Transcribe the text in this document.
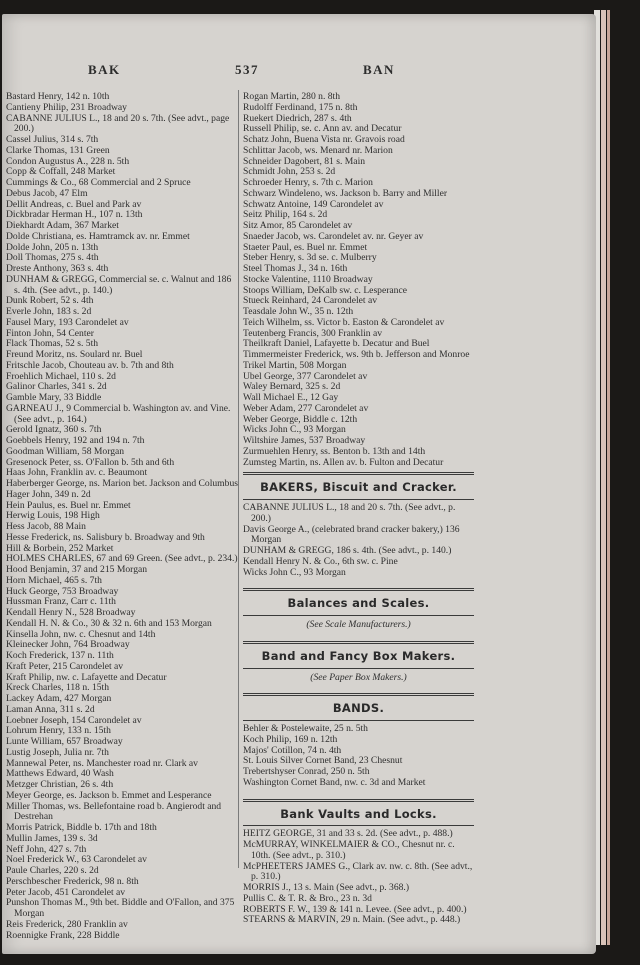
BAK	537	BAN
Bastard Henry, 142 n. 10th
Cantieny Philip, 231 Broadway
CABANNE JULIUS L., 18 and 20 s. 7th. (See advt., page 200.)
Cassel Julius, 314 s. 7th
Clarke Thomas, 131 Green
Condon Augustus A., 228 n. 5th
Copp & Coffall, 248 Market
Cummings & Co., 68 Commercial and 2 Spruce
Debus Jacob, 47 Elm
Dellit Andreas, c. Buel and Park av
Dickbradar Herman H., 107 n. 13th
Diekhardt Adam, 367 Market
Dolde Christiana, es. Hamtramck av. nr. Emmet
Dolde John, 205 n. 13th
Doll Thomas, 275 s. 4th
Dreste Anthony, 363 s. 4th
DUNHAM & GREGG, Commercial se. c. Walnut and 186 s. 4th. (See advt., p. 140.)
Dunk Robert, 52 s. 4th
Everle John, 183 s. 2d
Fausel Mary, 193 Carondelet av
Finton John, 54 Center
Flack Thomas, 52 s. 5th
Freund Moritz, ns. Soulard nr. Buel
Fritschle Jacob, Chouteau av. b. 7th and 8th
Froehlich Michael, 110 s. 2d
Galinor Charles, 341 s. 2d
Gamble Mary, 33 Biddle
GARNEAU J., 9 Commercial b. Washington av. and Vine. (See advt., p. 164.)
Gerold Ignatz, 360 s. 7th
Goebbels Henry, 192 and 194 n. 7th
Goodman William, 58 Morgan
Gresenock Peter, ss. O'Fallon b. 5th and 6th
Haas John, Franklin av. c. Beaumont
Haberberger George, ns. Marion bet. Jackson and Columbus
Hager John, 349 n. 2d
Hein Paulus, es. Buel nr. Emmet
Herwig Louis, 198 High
Hess Jacob, 88 Main
Hesse Frederick, ns. Salisbury b. Broadway and 9th
Hill & Borbein, 252 Market
HOLMES CHARLES, 67 and 69 Green. (See advt., p. 234.)
Hood Benjamin, 37 and 215 Morgan
Horn Michael, 465 s. 7th
Huck George, 753 Broadway
Hussman Franz, Carr c. 11th
Kendall Henry N., 528 Broadway
Kendall H. N. & Co., 30 & 32 n. 6th and 153 Morgan
Kinsella John, nw. c. Chesnut and 14th
Kleinecker John, 764 Broadway
Koch Frederick, 137 n. 11th
Kraft Peter, 215 Carondelet av
Kraft Philip, nw. c. Lafayette and Decatur
Kreck Charles, 118 n. 15th
Lackey Adam, 427 Morgan
Laman Anna, 311 s. 2d
Loebner Joseph, 154 Carondelet av
Lohrum Henry, 133 n. 15th
Lunte William, 657 Broadway
Lustig Joseph, Julia nr. 7th
Mannewal Peter, ns. Manchester road nr. Clark av
Matthews Edward, 40 Wash
Metzger Christian, 26 s. 4th
Meyer George, es. Jackson b. Emmet and Lesperance
Miller Thomas, ws. Bellefontaine road b. Angierodt and Destrehan
Morris Patrick, Biddle b. 17th and 18th
Mullin James, 139 s. 3d
Neff John, 427 s. 7th
Noel Frederick W., 63 Carondelet av
Paule Charles, 220 s. 2d
Perschbescher Frederick, 98 n. 8th
Peter Jacob, 451 Carondelet av
Punshon Thomas M., 9th bet. Biddle and O'Fallon, and 375 Morgan
Reis Frederick, 280 Franklin av
Roennigke Frank, 228 Biddle
Rogan Martin, 280 n. 8th
Rudolff Ferdinand, 175 n. 8th
Ruekert Diedrich, 287 s. 4th
Russell Philip, se. c. Ann av. and Decatur
Schatz John, Buena Vista nr. Gravois road
Schlittar Jacob, ws. Menard nr. Marion
Schneider Dagobert, 81 s. Main
Schmidt John, 253 s. 2d
Schroeder Henry, s. 7th c. Marion
Schwarz Windeleno, ws. Jackson b. Barry and Miller
Schwatz Antoine, 149 Carondelet av
Seitz Philip, 164 s. 2d
Sitz Amor, 85 Carondelet av
Snaeder Jacob, ws. Carondelet av. nr. Geyer av
Staeter Paul, es. Buel nr. Emmet
Steber Henry, s. 3d se. c. Mulberry
Steel Thomas J., 34 n. 16th
Stocke Valentine, 1110 Broadway
Stoops William, DeKalb sw. c. Lesperance
Stueck Reinhard, 24 Carondelet av
Teasdale John W., 35 n. 12th
Teich Wilhelm, ss. Victor b. Easton & Carondelet av
Teutenberg Francis, 300 Franklin av
Theilkraft Daniel, Lafayette b. Decatur and Buel
Timmermeister Frederick, ws. 9th b. Jefferson and Monroe
Trikel Martin, 508 Morgan
Ubel George, 377 Carondelet av
Waley Bernard, 325 s. 2d
Wall Michael E., 12 Gay
Weber Adam, 277 Carondelet av
Weber George, Biddle c. 12th
Wicks John C., 93 Morgan
Wiltshire James, 537 Broadway
Zurmuehlen Henry, ss. Benton b. 13th and 14th
Zumsteg Martin, ns. Allen av. b. Fulton and Decatur
BAKERS, Biscuit and Cracker.
CABANNE JULIUS L., 18 and 20 s. 7th. (See advt., p. 200.)
Davis George A., (celebrated brand cracker bakery,) 136 Morgan
DUNHAM & GREGG, 186 s. 4th. (See advt., p. 140.)
Kendall Henry N. & Co., 6th sw. c. Pine
Wicks John C., 93 Morgan
Balances and Scales.
(See Scale Manufacturers.)
Band and Fancy Box Makers.
(See Paper Box Makers.)
BANDS.
Behler & Postelewaite, 25 n. 5th
Koch Philip, 169 n. 12th
Majos' Cotillon, 74 n. 4th
St. Louis Silver Cornet Band, 23 Chesnut
Trebertshyser Conrad, 250 n. 5th
Washington Cornet Band, nw. c. 3d and Market
Bank Vaults and Locks.
HEITZ GEORGE, 31 and 33 s. 2d. (See advt., p. 488.)
McMURRAY, WINKELMAIER & CO., Chesnut nr. c. 10th. (See advt., p. 310.)
McPHEETERS JAMES G., Clark av. nw. c. 8th. (See advt., p. 310.)
MORRIS J., 13 s. Main (See advt., p. 368.)
Pullis C. & T. R. & Bro., 23 n. 3d
ROBERTS F. W., 139 & 141 n. Levee. (See advt., p. 400.)
STEARNS & MARVIN, 29 n. Main. (See advt., p. 448.)
